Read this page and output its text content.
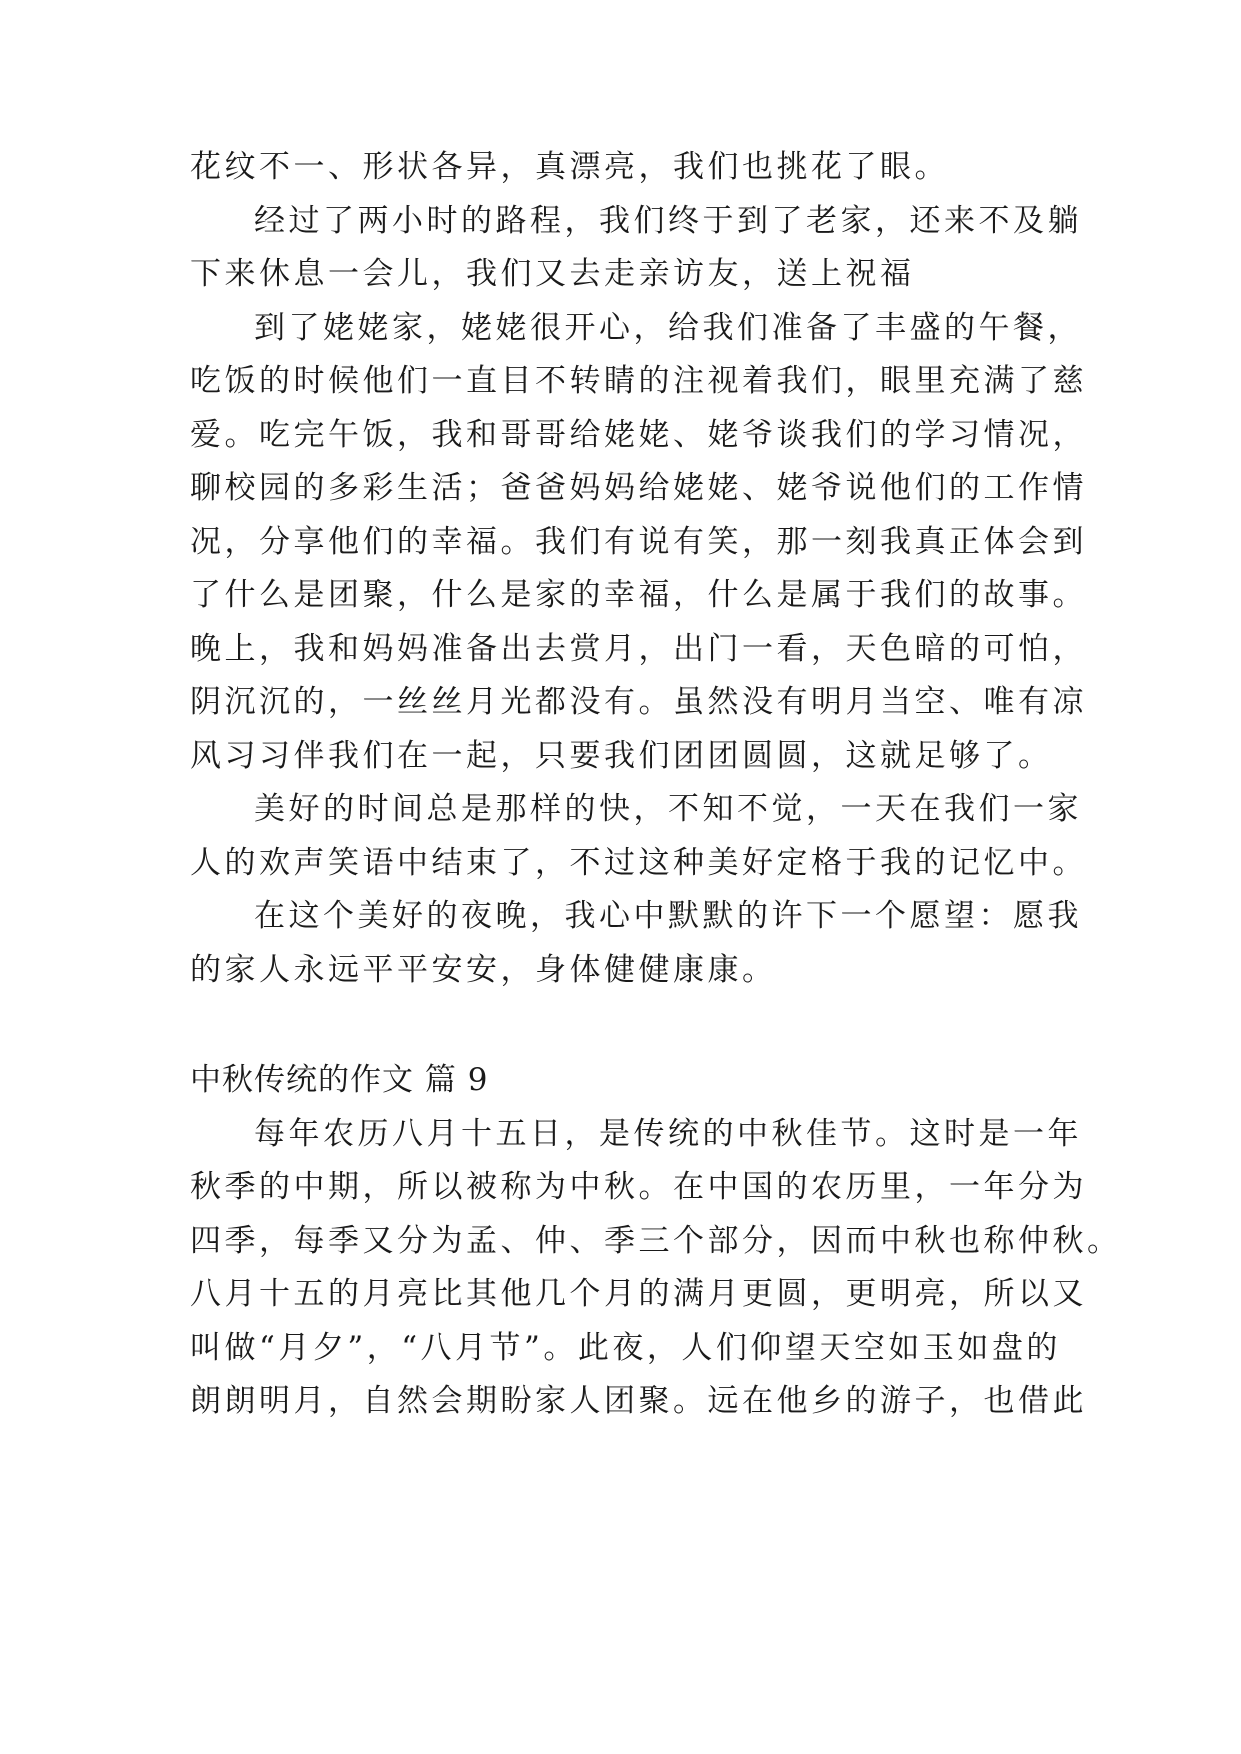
花纹不一、形状各异，真漂亮，我们也挑花了眼。
经过了两小时的路程，我们终于到了老家，还来不及躺
下来休息一会儿，我们又去走亲访友，送上祝福
到了姥姥家，姥姥很开心，给我们准备了丰盛的午餐，
吃饭的时候他们一直目不转睛的注视着我们，眼里充满了慈
爱。吃完午饭，我和哥哥给姥姥、姥爷谈我们的学习情况，
聊校园的多彩生活；爸爸妈妈给姥姥、姥爷说他们的工作情
况，分享他们的幸福。我们有说有笑，那一刻我真正体会到
了什么是团聚，什么是家的幸福，什么是属于我们的故事。
晚上，我和妈妈准备出去赏月，出门一看，天色暗的可怕，
阴沉沉的，一丝丝月光都没有。虽然没有明月当空、唯有凉
风习习伴我们在一起，只要我们团团圆圆，这就足够了。
美好的时间总是那样的快，不知不觉，一天在我们一家
人的欢声笑语中结束了，不过这种美好定格于我的记忆中。
在这个美好的夜晚，我心中默默的许下一个愿望：愿我
的家人永远平平安安，身体健健康康。
中秋传统的作文 篇 9
每年农历八月十五日，是传统的中秋佳节。这时是一年
秋季的中期，所以被称为中秋。在中国的农历里，一年分为
四季，每季又分为孟、仲、季三个部分，因而中秋也称仲秋。
八月十五的月亮比其他几个月的满月更圆，更明亮，所以又
叫做“月夕”，“八月节”。此夜，人们仰望天空如玉如盘的
朗朗明月，自然会期盼家人团聚。远在他乡的游子，也借此
